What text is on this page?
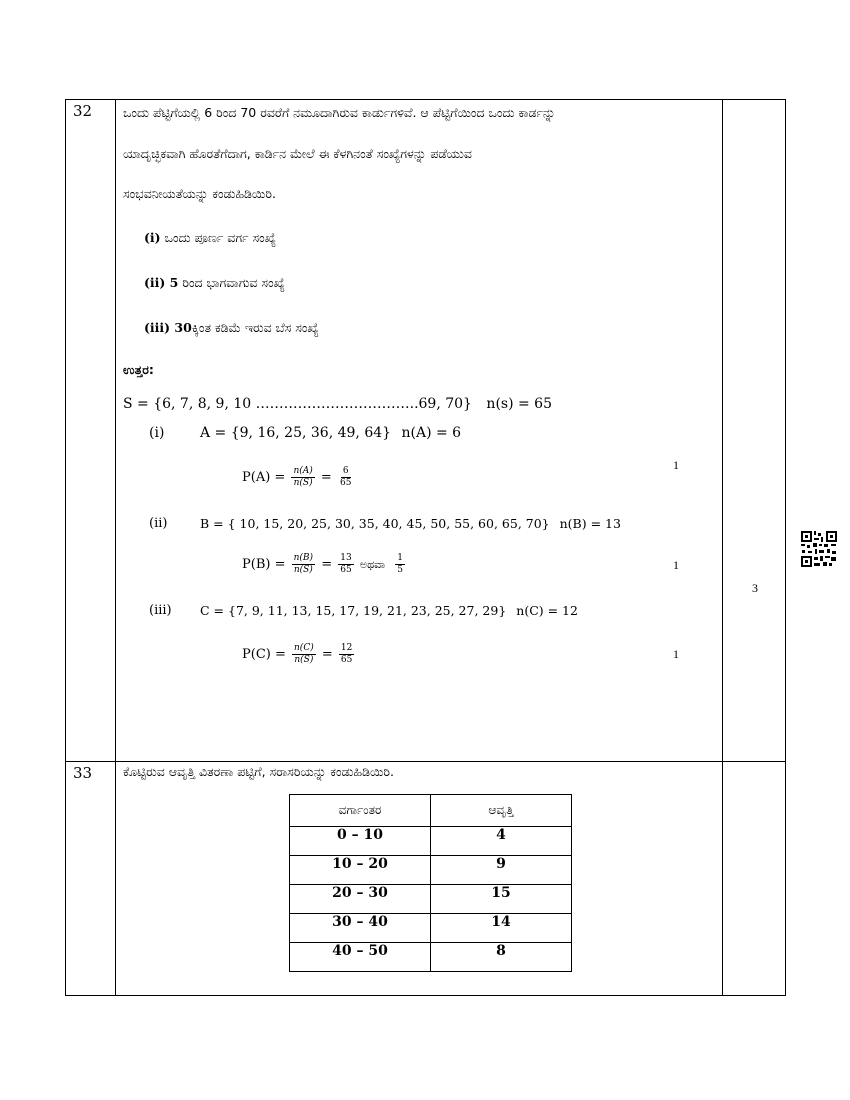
32	ಒಂದು ಪೆಟ್ಟಿಗೆಯಲ್ಲಿ 6 ರಿಂದ 70 ರವರೆಗೆ ನಮೂದಾಗಿರುವ ಕಾರ್ಡುಗಳಿವೆ. ಆ ಪೆಟ್ಟಿಗೆಯಿಂದ ಒಂದು ಕಾರ್ಡನ್ನು
ಯಾದೃಚ್ಛಿಕವಾಗಿ ಹೊರತೆಗೆದಾಗ, ಕಾರ್ಡಿನ ಮೇಲೆ ಈ ಕೆಳಗಿನಂತೆ ಸಂಖ್ಯೆಗಳನ್ನು ಪಡೆಯುವ
ಸಂಭವನೀಯತೆಯನ್ನು ಕಂಡುಹಿಡಿಯಿರಿ.
(i) ಒಂದು ಪೂರ್ಣ ವರ್ಗ ಸಂಖ್ಯೆ
(ii) 5 ರಿಂದ ಭಾಗವಾಗುವ ಸಂಖ್ಯೆ
(iii) 30ಕ್ಕಿಂತ ಕಡಿಮೆ ಇರುವ ಬೆಸ ಸಂಖ್ಯೆ
ಉತ್ತರ:
S = {6, 7, 8, 9, 10 ……………………………..69, 70} n(s) = 65
(i)	A = {9, 16, 25, 36, 49, 64} n(A) = 6
$P(A) = \frac{n(A)}{n(S)} = \frac{6}{65}$
1
(ii)	B = { 10, 15, 20, 25, 30, 35, 40, 45, 50, 55, 60, 65, 70} n(B) = 13
$P(B) = \frac{n(B)}{n(S)} = \frac{13}{65}$ ಅಥವಾ $\frac{1}{5}$	1
(iii) C = {7, 9, 11, 13, 15, 17, 19, 21, 23, 25, 27, 29} n(C) = 12
$P(C) = \frac{n(C)}{n(S)} = \frac{12}{65}$	1

3

33	ಕೊಟ್ಟಿರುವ ಆವೃತ್ತಿ ವಿತರಣಾ ಪಟ್ಟಿಗೆ, ಸರಾಸರಿಯನ್ನು ಕಂಡುಹಿಡಿಯಿರಿ.
ವರ್ಗಾಂತರ	ಆವೃತ್ತಿ
0 – 10	4
10 – 20	9
20 – 30	15
30 – 40	14
40 – 50	8
